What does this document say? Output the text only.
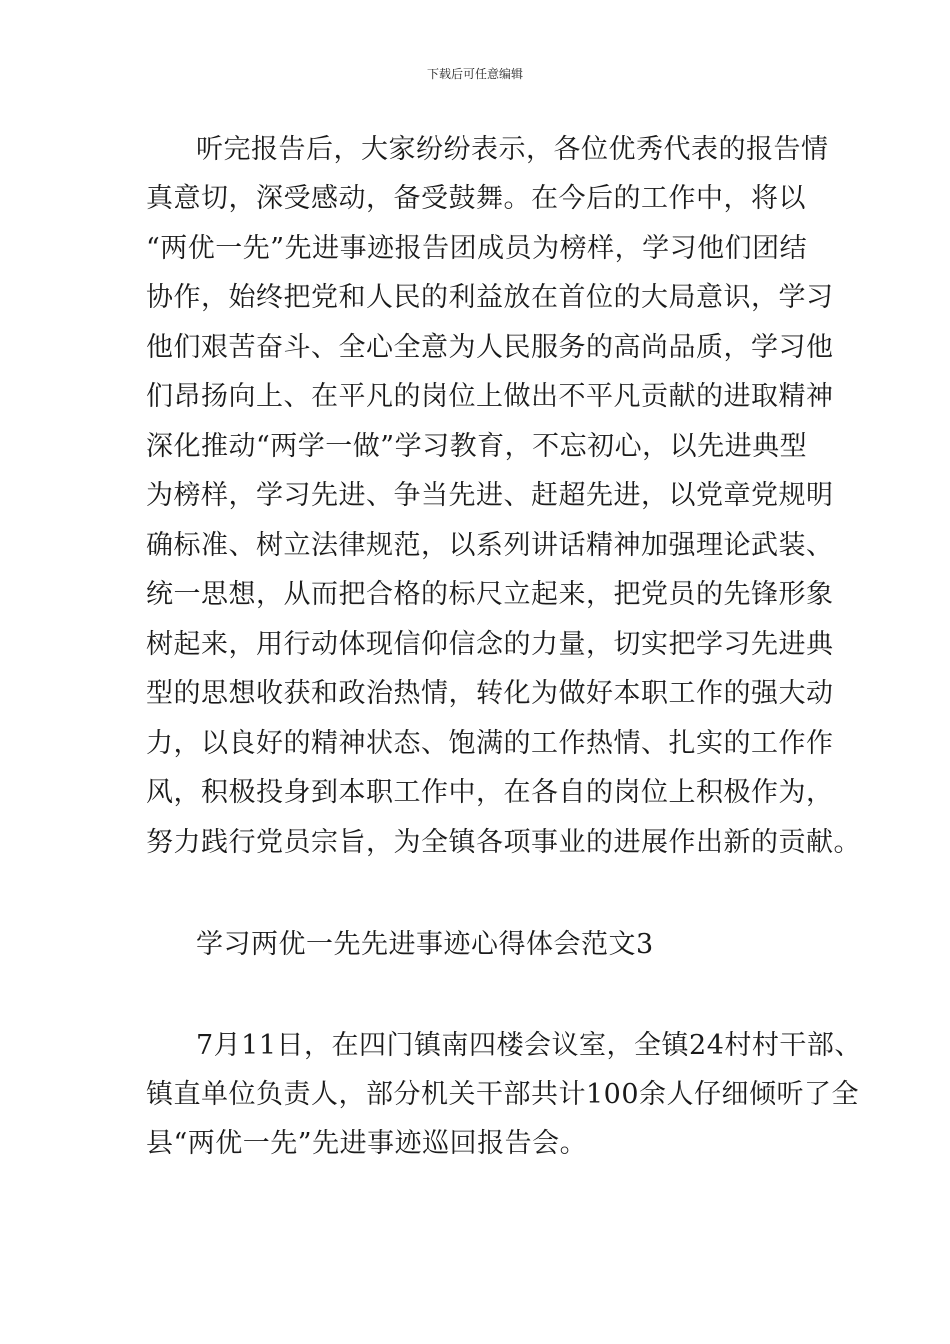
下载后可任意编辑
听完报告后，大家纷纷表示，各位优秀代表的报告情
真意切，深受感动，备受鼓舞。在今后的工作中，将以
“两优一先”先进事迹报告团成员为榜样，学习他们团结
协作，始终把党和人民的利益放在首位的大局意识，学习
他们艰苦奋斗、全心全意为人民服务的高尚品质，学习他
们昂扬向上、在平凡的岗位上做出不平凡贡献的进取精神
深化推动“两学一做”学习教育，不忘初心，以先进典型
为榜样，学习先进、争当先进、赶超先进，以党章党规明
确标准、树立法律规范，以系列讲话精神加强理论武装、
统一思想，从而把合格的标尺立起来，把党员的先锋形象
树起来，用行动体现信仰信念的力量，切实把学习先进典
型的思想收获和政治热情，转化为做好本职工作的强大动
力，以良好的精神状态、饱满的工作热情、扎实的工作作
风，积极投身到本职工作中，在各自的岗位上积极作为，
努力践行党员宗旨，为全镇各项事业的进展作出新的贡献。
学习两优一先先进事迹心得体会范文3
7月11日，在四门镇南四楼会议室，全镇24村村干部、
镇直单位负责人，部分机关干部共计100余人仔细倾听了全
县“两优一先”先进事迹巡回报告会。
